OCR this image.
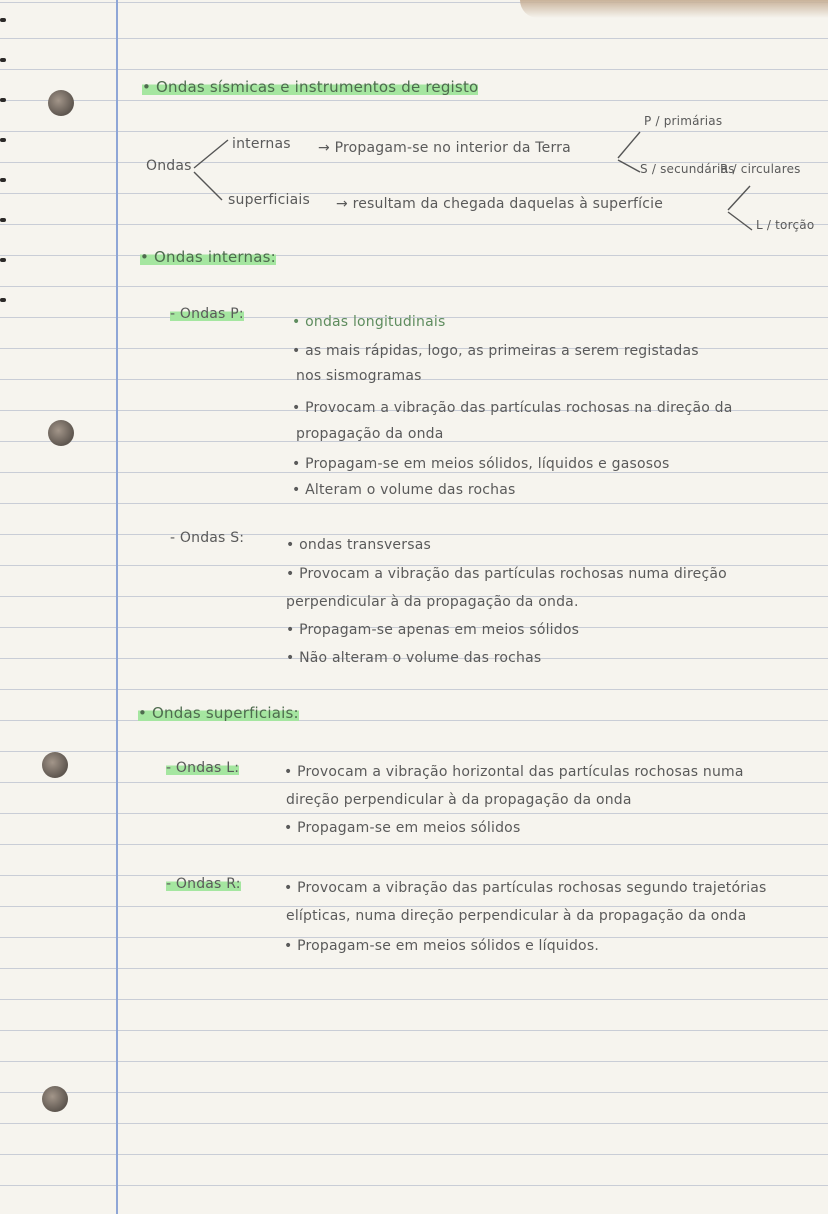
• Ondas sísmicas e instrumentos de registo
Ondas
internas → Propagam-se no interior da Terra
superficiais → resultam da chegada daquelas à superfície
P / primárias
S / secundárias
R / circulares
L / torção
• Ondas internas:
- Ondas P:	• ondas longitudinais
• as mais rápidas, logo, as primeiras a serem registadas
nos sismogramas
• Provocam a vibração das partículas rochosas na direção da
propagação da onda
• Propagam-se em meios sólidos, líquidos e gasosos
• Alteram o volume das rochas
- Ondas S:	• ondas transversas
• Provocam a vibração das partículas rochosas numa direção
perpendicular à da propagação da onda.
• Propagam-se apenas em meios sólidos
• Não alteram o volume das rochas
• Ondas superficiais:
- Ondas L:	• Provocam a vibração horizontal das partículas rochosas numa
direção perpendicular à da propagação da onda
• Propagam-se em meios sólidos
- Ondas R:	• Provocam a vibração das partículas rochosas segundo trajetórias
elípticas, numa direção perpendicular à da propagação da onda
• Propagam-se em meios sólidos e líquidos.
